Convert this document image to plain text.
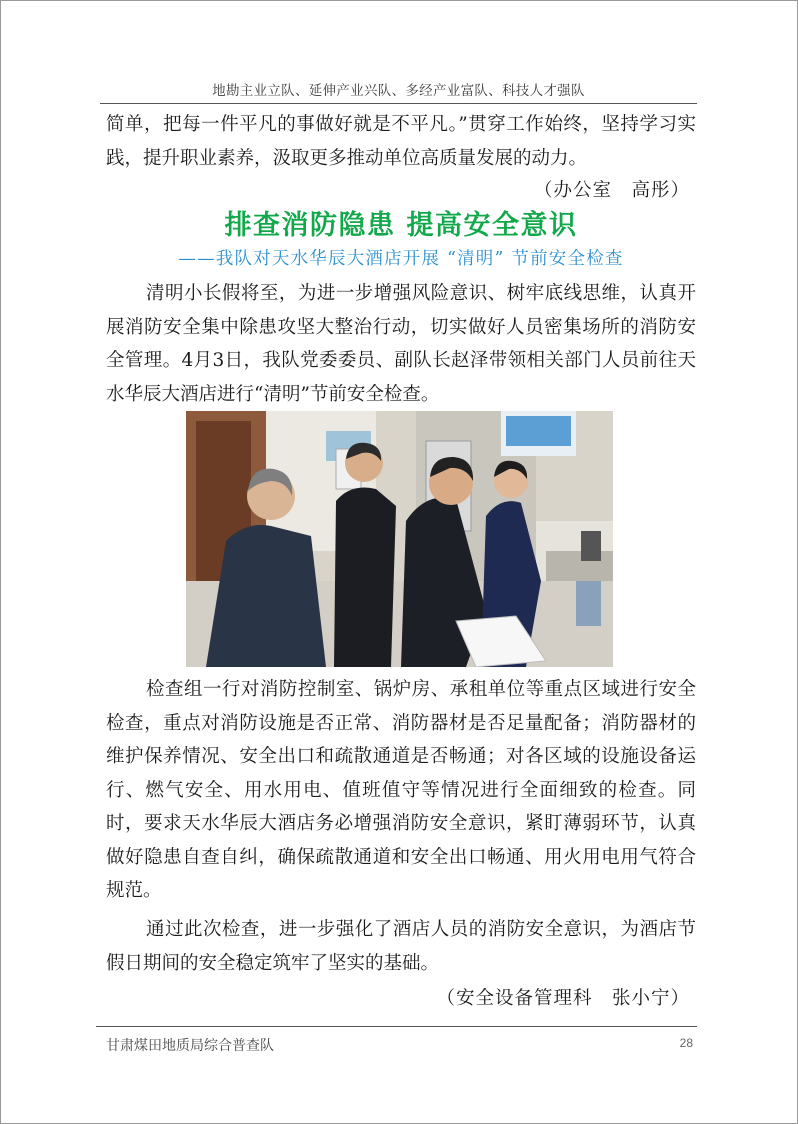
地勘主业立队、延伸产业兴队、多经产业富队、科技人才强队

简单，把每一件平凡的事做好就是不平凡。”贯穿工作始终，坚持学习实践，提升职业素养，汲取更多推动单位高质量发展的动力。

（办公室　高彤）
排查消防隐患 提高安全意识
——我队对天水华辰大酒店开展 “清明” 节前安全检查

清明小长假将至，为进一步增强风险意识、树牢底线思维，认真开展消防安全集中除患攻坚大整治行动，切实做好人员密集场所的消防安全管理。4月3日，我队党委委员、副队长赵泽带领相关部门人员前往天水华辰大酒店进行“清明”节前安全检查。

检查组一行对消防控制室、锅炉房、承租单位等重点区域进行安全检查，重点对消防设施是否正常、消防器材是否足量配备；消防器材的维护保养情况、安全出口和疏散通道是否畅通；对各区域的设施设备运行、燃气安全、用水用电、值班值守等情况进行全面细致的检查。同时，要求天水华辰大酒店务必增强消防安全意识，紧盯薄弱环节，认真做好隐患自查自纠，确保疏散通道和安全出口畅通、用火用电用气符合规范。

通过此次检查，进一步强化了酒店人员的消防安全意识，为酒店节假日期间的安全稳定筑牢了坚实的基础。

（安全设备管理科　张小宁）
甘肃煤田地质局综合普查队	28
